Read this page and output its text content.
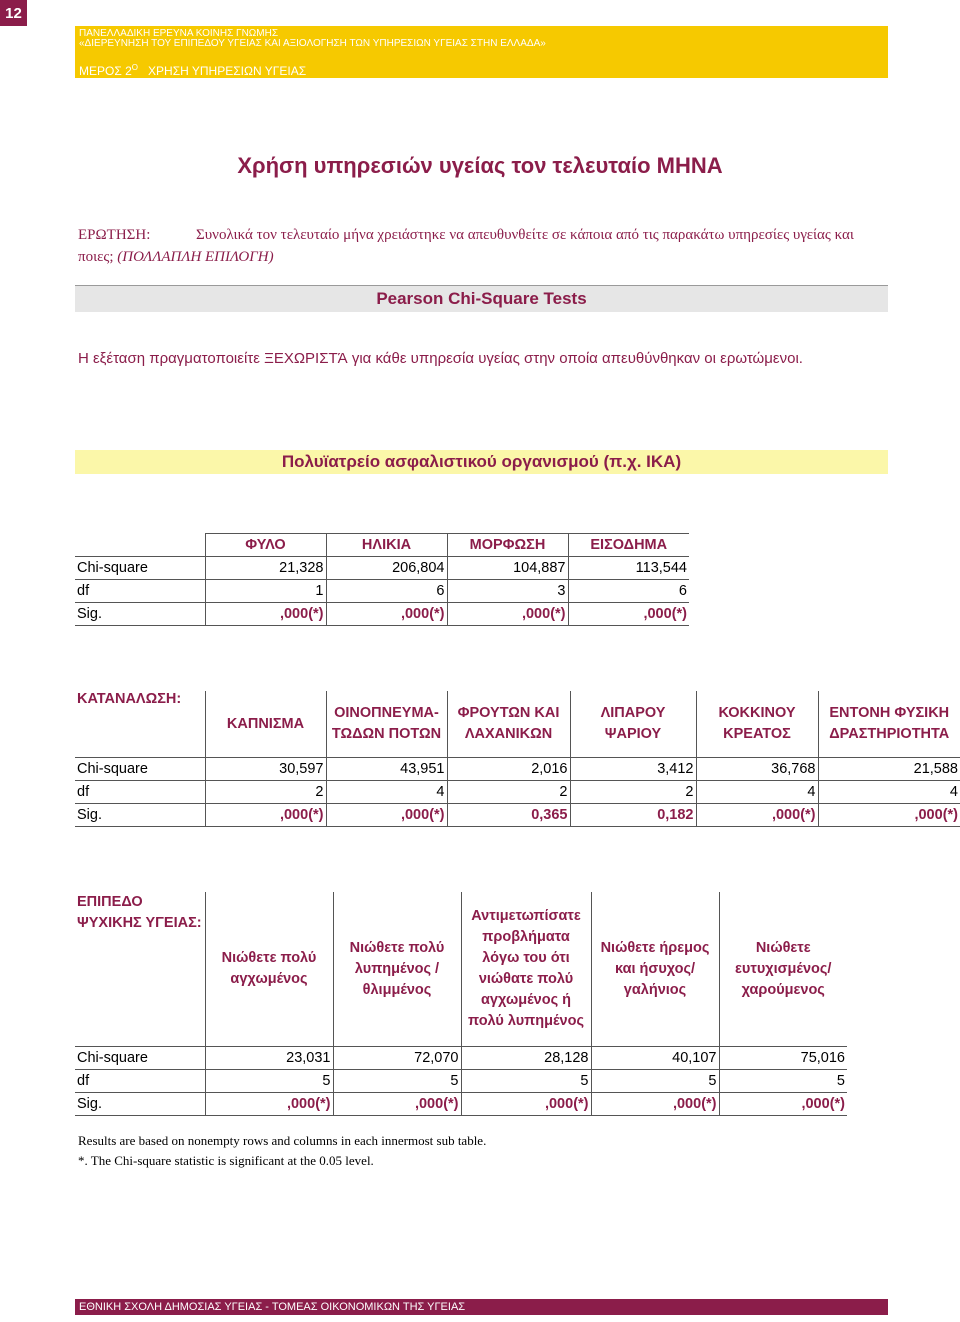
12
ΠΑΝΕΛΛΑΔΙΚΗ ΕΡΕΥΝΑ ΚΟΙΝΗΣ ΓΝΩΜΗΣ
«ΔΙΕΡΕΥΝΗΣΗ ΤΟΥ ΕΠΙΠΕΔΟΥ ΥΓΕΙΑΣ ΚΑΙ ΑΞΙΟΛΟΓΗΣΗ ΤΩΝ ΥΠΗΡΕΣΙΩΝ ΥΓΕΙΑΣ ΣΤΗΝ ΕΛΛΑΔΑ»
ΜΕΡΟΣ $2^O$ ΧΡΗΣΗ ΥΠΗΡΕΣΙΩΝ ΥΓΕΙΑΣ
Χρήση υπηρεσιών υγείας τον τελευταίο ΜΗΝΑ
ΕΡΩΤΗΣΗ:	Συνολικά τον τελευταίο μήνα χρειάστηκε να απευθυνθείτε σε κάποια από τις παρακάτω υπηρεσίες υγείας και ποιες; (ΠΟΛΛΑΠΛΗ ΕΠΙΛΟΓΗ)
Pearson Chi-Square Tests
Η εξέταση πραγματοποιείτε ΞΕΧΩΡΙΣΤΆ για κάθε υπηρεσία υγείας στην οποία απευθύνθηκαν οι ερωτώμενοι.
Πολυϊατρείο ασφαλιστικού οργανισμού (π.χ. ΙΚΑ)
	ΦΥΛΟ	ΗΛΙΚΙΑ	ΜΟΡΦΩΣΗ	ΕΙΣΟΔΗΜΑ
Chi-square	21,328	206,804	104,887	113,544
df	1	6	3	6
Sig.	,000(*)	,000(*)	,000(*)	,000(*)
ΚΑΤΑΝΑΛΩΣΗ:	ΚΑΠΝΙΣΜΑ	ΟΙΝΟΠΝΕΥΜΑ-ΤΩΔΩΝ ΠΟΤΩΝ	ΦΡΟΥΤΩΝ ΚΑΙ ΛΑΧΑΝΙΚΩΝ	ΛΙΠΑΡΟΥ ΨΑΡΙΟΥ	ΚΟΚΚΙΝΟΥ ΚΡΕΑΤΟΣ	ΕΝΤΟΝΗ ΦΥΣΙΚΗ ΔΡΑΣΤΗΡΙΟΤΗΤΑ
Chi-square	30,597	43,951	2,016	3,412	36,768	21,588
df	2	4	2	2	4	4
Sig.	,000(*)	,000(*)	0,365	0,182	,000(*)	,000(*)
ΕΠΙΠΕΔΟ ΨΥΧΙΚΗΣ ΥΓΕΙΑΣ:	Νιώθετε πολύ αγχωμένος	Νιώθετε πολύ λυπημένος /θλιμμένος	Αντιμετωπίσατε προβλήματα λόγω του ότι νιώθατε πολύ αγχωμένος ή πολύ λυπημένος	Νιώθετε ήρεμος και ήσυχος/ γαλήνιος	Νιώθετε ευτυχισμένος/ χαρούμενος
Chi-square	23,031	72,070	28,128	40,107	75,016
df	5	5	5	5	5
Sig.	,000(*)	,000(*)	,000(*)	,000(*)	,000(*)
Results are based on nonempty rows and columns in each innermost sub table.
*. The Chi-square statistic is significant at the 0.05 level.
ΕΘΝΙΚΗ ΣΧΟΛΗ ΔΗΜΟΣΙΑΣ ΥΓΕΙΑΣ - ΤΟΜΕΑΣ ΟΙΚΟΝΟΜΙΚΩΝ ΤΗΣ ΥΓΕΙΑΣ
